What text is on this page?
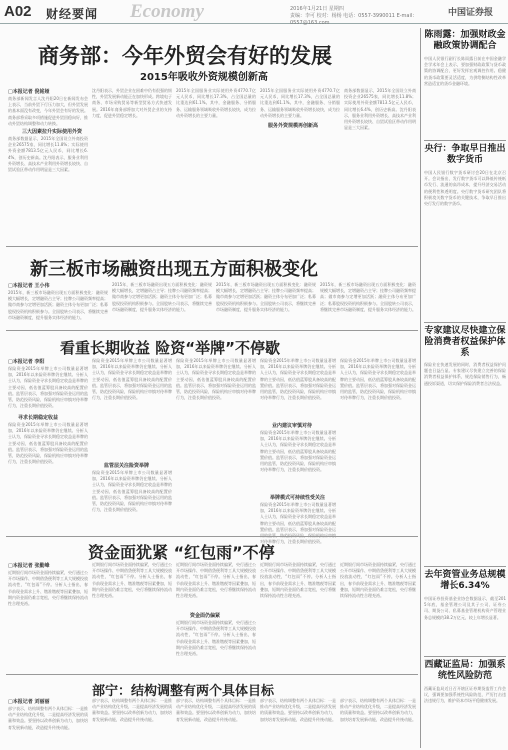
A02 财经要闻 Economy	2016年1月21日 星期四
责编：李可 校对：杨杨 电话：0557-3990011 E-mail：0557@163.com
中国证券报
商务部：今年外贸会有好的发展
2015年吸收外资规模创新高
□本报记者 倪铭娅
商务部新闻发言人沈丹阳20日在新闻发布会上表示，当前外贸下行压力加大，但外贸发展的基本面没有改变，今年外贸会有好的发展。商务部将采取多项措施促进外贸回稳向好，推动外贸结构调整和动力转换。
三大因素拉升实际使用外资
商务部数据显示，2015年全国设立外商投资企业26575家，同比增长11.8%；实际使用外资金额7813.5亿元人民币，同比增长6.4%，创历史新高。沈丹阳表示，服务业利用外资增长、高技术产业利用外资增长较快、自贸试验区带动作用明显是三大因素。
沈丹阳表示，外贸企业在困难中仍有很强的韧性，外贸发展新动能正在加快形成。跨境电子商务、市场采购贸易等新型贸易方式快速发展。2016年商务部将加大对外贸企业的支持力度，促进外贸稳定增长。
2015年全国服务业实际使用外资4770.7亿元人民币，同比增长17.3%，占全国总量的比重达到61.1%。其中，金融服务、分销服务、运输服务领域吸收外资增长较快，成为拉动外资增长的主要力量。
服务外资规模再创新高
2015年全国服务业实际使用外资4770.7亿元人民币，同比增长17.3%，占全国总量的比重达到61.1%。其中，金融服务、分销服务、运输服务领域吸收外资增长较快，成为拉动外资增长的主要力量。
商务部数据显示，2015年全国设立外商投资企业26575家，同比增长11.8%；实际使用外资金额7813.5亿元人民币，同比增长6.4%，创历史新高。沈丹阳表示，服务业利用外资增长、高技术产业利用外资增长较快、自贸试验区带动作用明显是三大因素。
新三板市场融资出现五方面积极变化
□本报记者 王小伟
2015年，新三板市场融资出现五方面积极变化：融资规模大幅增长，定增融资占主导；挂牌公司融资频率提高；做市商参与定增更加活跃；融资主体分布更加广泛；私募股权投资机构积极参与。全国股转公司表示，将继续完善市场融资制度，提升服务实体经济的能力。
2015年，新三板市场融资出现五方面积极变化：融资规模大幅增长，定增融资占主导；挂牌公司融资频率提高；做市商参与定增更加活跃；融资主体分布更加广泛；私募股权投资机构积极参与。全国股转公司表示，将继续完善市场融资制度，提升服务实体经济的能力。
2015年，新三板市场融资出现五方面积极变化：融资规模大幅增长，定增融资占主导；挂牌公司融资频率提高；做市商参与定增更加活跃；融资主体分布更加广泛；私募股权投资机构积极参与。全国股转公司表示，将继续完善市场融资制度，提升服务实体经济的能力。
2015年，新三板市场融资出现五方面积极变化：融资规模大幅增长，定增融资占主导；挂牌公司融资频率提高；做市商参与定增更加活跃；融资主体分布更加广泛；私募股权投资机构积极参与。全国股转公司表示，将继续完善市场融资制度，提升服务实体经济的能力。
看重长期收益 险资“举牌”不停歇
□本报记者 李阳
保险资金2015年举牌上市公司数量显著增加，2016年以来险资举牌仍在继续。分析人士认为，保险资金寻求长期稳定收益是举牌的主要动因，低估值蓝筹股具备较高的配置价值。监管层表示，将加强对保险资金运用的监管，防范投资风险，保险机构应审慎对待举牌行为，注重长期价值投资。
寻求长期稳定收益
保险资金2015年举牌上市公司数量显著增加，2016年以来险资举牌仍在继续。分析人士认为，保险资金寻求长期稳定收益是举牌的主要动因，低估值蓝筹股具备较高的配置价值。监管层表示，将加强对保险资金运用的监管，防范投资风险，保险机构应审慎对待举牌行为，注重长期价值投资。
保险资金2015年举牌上市公司数量显著增加，2016年以来险资举牌仍在继续。分析人士认为，保险资金寻求长期稳定收益是举牌的主要动因，低估值蓝筹股具备较高的配置价值。监管层表示，将加强对保险资金运用的监管，防范投资风险，保险机构应审慎对待举牌行为，注重长期价值投资。
监管层关注险资举牌
保险资金2015年举牌上市公司数量显著增加，2016年以来险资举牌仍在继续。分析人士认为，保险资金寻求长期稳定收益是举牌的主要动因，低估值蓝筹股具备较高的配置价值。监管层表示，将加强对保险资金运用的监管，防范投资风险，保险机构应审慎对待举牌行为，注重长期价值投资。
保险资金2015年举牌上市公司数量显著增加，2016年以来险资举牌仍在继续。分析人士认为，保险资金寻求长期稳定收益是举牌的主要动因，低估值蓝筹股具备较高的配置价值。监管层表示，将加强对保险资金运用的监管，防范投资风险，保险机构应审慎对待举牌行为，注重长期价值投资。
保险资金2015年举牌上市公司数量显著增加，2016年以来险资举牌仍在继续。分析人士认为，保险资金寻求长期稳定收益是举牌的主要动因，低估值蓝筹股具备较高的配置价值。监管层表示，将加强对保险资金运用的监管，防范投资风险，保险机构应审慎对待举牌行为，注重长期价值投资。
业内建议审慎对待
保险资金2015年举牌上市公司数量显著增加，2016年以来险资举牌仍在继续。分析人士认为，保险资金寻求长期稳定收益是举牌的主要动因，低估值蓝筹股具备较高的配置价值。监管层表示，将加强对保险资金运用的监管，防范投资风险，保险机构应审慎对待举牌行为，注重长期价值投资。
举牌模式可持续性受关注
保险资金2015年举牌上市公司数量显著增加，2016年以来险资举牌仍在继续。分析人士认为，保险资金寻求长期稳定收益是举牌的主要动因，低估值蓝筹股具备较高的配置价值。监管层表示，将加强对保险资金运 对待举牌行为，注重长期价值投资。
保险资金2015年举牌上市公司数量显著增加，2016年以来险资举牌仍在继续。分析人士认为，保险资金寻求长期稳定收益是举牌的主要动因，低估值蓝筹股具备较高的配置价值。监管层表示，将加强对保险资金运用的监管，防范投资风险，保险机构应审慎对待举牌行为，注重长期价值投资。
资金面犹紧 “红包雨”不停
□本报记者 张勤峰
近期银行间市场资金面持续偏紧，央行通过公开市场操作、中期借贷便利等工具大规模投放流动性，“红包雨”不停。分析人士指出，春节前现金需求上升、缴准缴税等因素叠加，短期内资金面仍难言宽松，央行将继续保持流动性合理充裕。
近期银行间市场资金面持续偏紧，央行通过公开市场操作、中期借贷便利等工具大规模投放流动性，“红包雨”不停。分析人士指出，春节前现金需求上升、缴准缴税等因素叠加，短期内资金面仍难言宽松，央行将继续保持流动性合理充裕。
资金面仍偏紧
近期银行间市场资金面持续偏紧，央行通过公开市场操作、中期借贷便利等工具大规模投放流动性，“红包雨”不停。分析人士指出，春节前现金需求上升、缴准缴税等因素叠加，短期内资金面仍难言宽松，央行将继续保持流动性合理充裕。
近期银行间市场资金面持续偏紧，央行通过公开市场操作、中期借贷便利等工具大规模投放流动性，“红包雨”不停。分析人士指出，春节前现金需求上升、缴准缴税等因素叠加，短期内资金面仍难言宽松，央行将继续保持流动性合理充裕。
近期银行间市场资金面持续偏紧，央行通过公开市场操作、中期借贷便利等工具大规模投放流动性，“红包雨”不停。分析人士指出，春节前现金需求上升、缴准缴税等因素叠加，短期内资金面仍难言宽松，央行将继续保持流动性合理充裕。
近期银行间市场资金面持续偏紧，央行通过公开市场操作、中期借贷便利等工具大规模投放流动性，“红包雨”不停。分析人士指出，春节前现金需求上升、缴准缴税等因素叠加，短期内资金面仍难言宽松，央行将继续保持流动性合理充裕。
部宁：结构调整有两个具体目标
□本报记者 刘丽丽
部宁表示，结构调整有两个具体目标：一是推动产业结构优化升级，二是提高经济发展的质量和效益。要坚持以改革创新为动力，加快培育发展新动能，改造提升传统动能。
部宁表示，结构调整有两个具体目标：一是推动产业结构优化升级，二是提高经济发展的质量和效益。要坚持以改革创新为动力，加快培育发展新动能，改造提升传统动能。
部宁表示，结构调整有两个具体目标：一是推动产业结构优化升级，二是提高经济发展的质量和效益。要坚持以改革创新为动力，加快培育发展新动能，改造提升传统动能。
部宁表示，结构调整有两个具体目标：一是推动产业结构优化升级，二是提高经济发展的质量和效益。要坚持以改革创新为动力，加快培育发展新动能，改造提升传统动能。
部宁表示，结构调整有两个具体目标：一是推动产业结构优化升级，二是提高经济发展的质量和效益。要坚持以改革创新为动力，加快培育发展新动能，改造提升传统动能。
陈雨露：加强财政金融政策协调配合
中国人民银行副行长陈雨露日前在中国金融学会学术年会上表示，要加强财政政策与货币政策的协调配合，更好发挥宏观调控作用。稳健的货币政策要灵活适度，为供给侧结构性改革营造适宜的货币金融环境。
央行：争取早日推出数字货币
中国人民银行数字货币研讨会20日在北京召开。会议指出，发行数字货币可以降低传统纸币发行、流通的高昂成本，提升经济交易活动的便利性和透明度。央行数字货币研究团队将积极攻关数字货币的关键技术，争取早日推出央行发行的数字货币。
专家建议尽快建立保险消费者权益保护体系
保险业在快速发展的同时，消费者权益保护问题也日益凸显。专家建议尽快建立完善的保险消费者权益保护体系，规范保险销售行为，畅通投诉渠道，切实保护保险消费者合法权益。
去年资管业务总规模增长6.34%
中国证券投资基金业协会数据显示，截至2015年底，基金管理公司及其子公司、证券公司、期货公司、私募基金管理机构资产管理业务总规模约38.2万亿元，较上年增长显著。
西藏证监局：加强系统性风险防范
西藏证监局近日召开辖区证券期货监管工作会议，强调要加强系统性风险防范，严厉打击违法违规行为，维护资本市场平稳健康发展。
